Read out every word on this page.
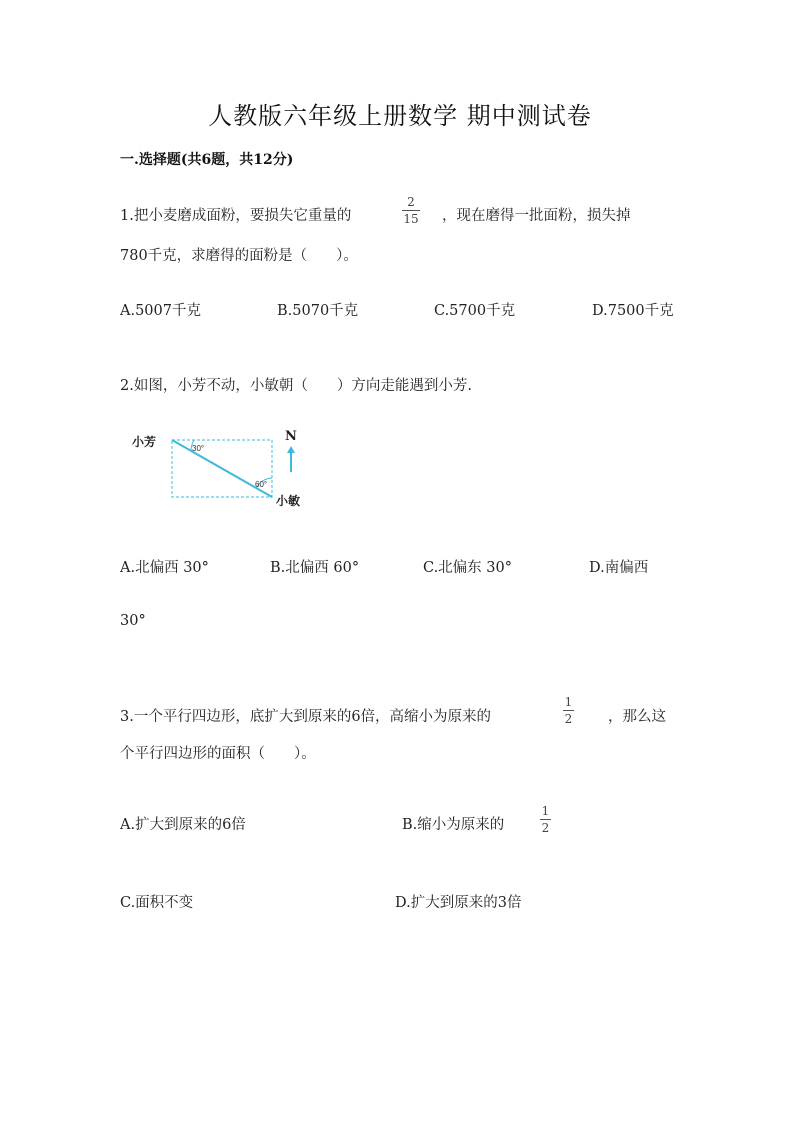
人教版六年级上册数学 期中测试卷
一.选择题(共6题，共12分)
1.把小麦磨成面粉，要损失它重量的
2
15 ，现在磨得一批面粉，损失掉
780千克，求磨得的面粉是（　　）。
A.5007千克	B.5070千克	C.5700千克	D.7500千克
2.如图，小芳不动，小敏朝（　　）方向走能遇到小芳.
30°
60°
小芳
小敏
N
A.北偏西 30°	B.北偏西 60°	C.北偏东 30°	D.南偏西
30°
3.一个平行四边形，底扩大到原来的6倍，高缩小为原来的
1
2 ，那么这
个平行四边形的面积（　　）。
A.扩大到原来的6倍	B.缩小为原来的
1
2
C.面积不变	D.扩大到原来的3倍
